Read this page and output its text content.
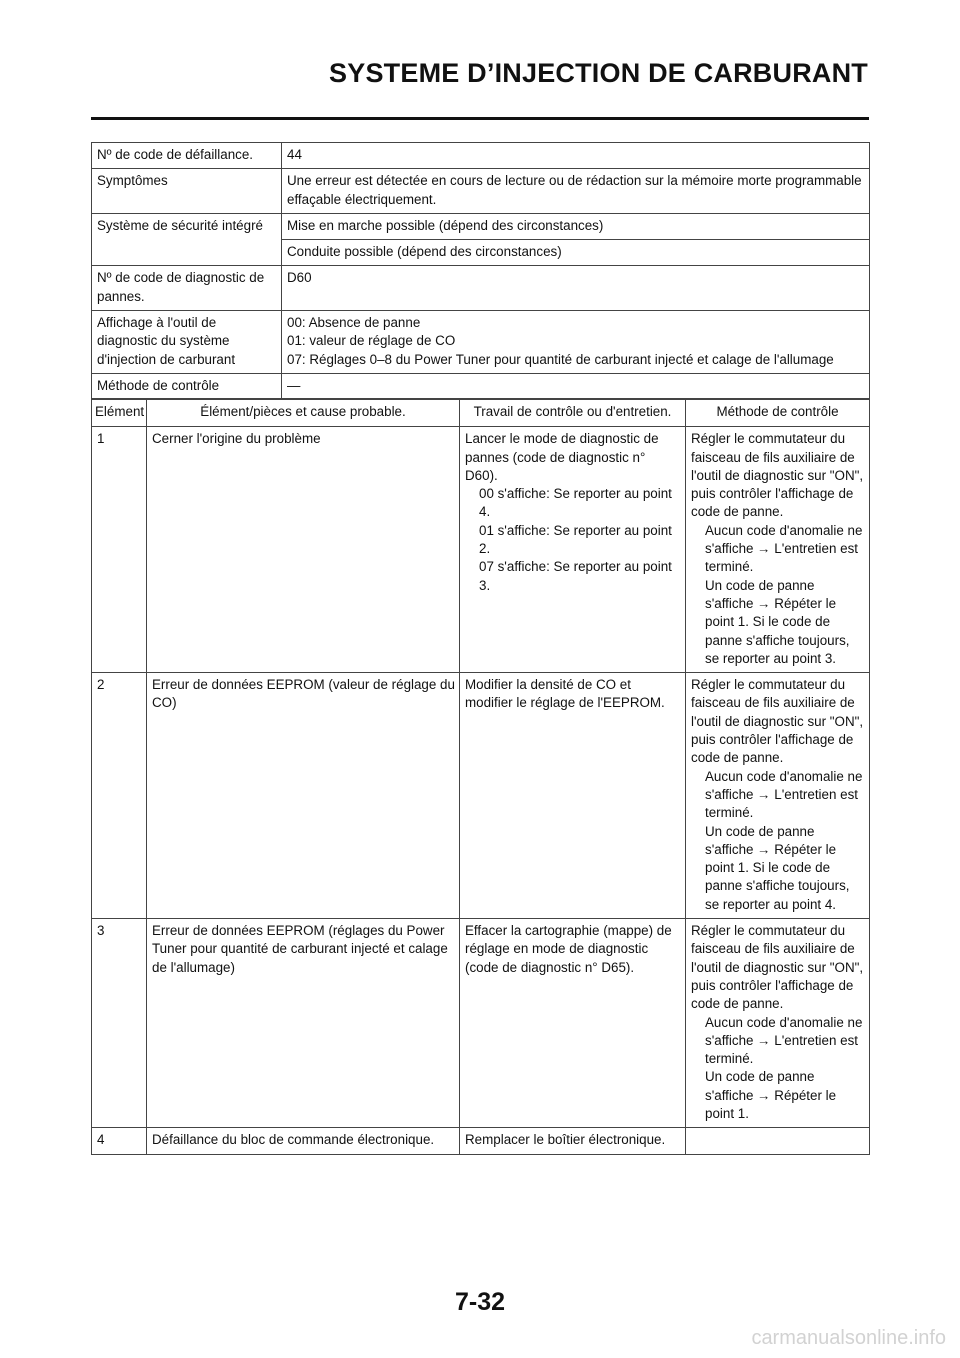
SYSTEME D’INJECTION DE CARBURANT
Nº de code de défaillance.	44
Symptômes	Une erreur est détectée en cours de lecture ou de rédaction sur la mémoire morte programmable effaçable électriquement.
Système de sécurité intégré	Mise en marche possible (dépend des circonstances)
Conduite possible (dépend des circonstances)
Nº de code de diagnostic de pannes.	D60
Affichage à l'outil de diagnostic du système d'injection de carburant	
00: Absence de panne
01: valeur de réglage de CO
07: Réglages 0–8 du Power Tuner pour quantité de carburant injecté et calage de l'allumage

Méthode de contrôle	—
Elément	Élément/pièces et cause probable.	Travail de contrôle ou d'entretien.	Méthode de contrôle
1	Cerner l'origine du problème	Lancer le mode de diagnostic de pannes (code de diagnostic n° D60).
00 s'affiche: Se reporter au point 4.
01 s'affiche: Se reporter au point 2.
07 s'affiche: Se reporter au point 3.

Régler le commutateur du faisceau de fils auxiliaire de l'outil de diagnostic sur "ON", puis contrôler l'affichage de code de panne.
Aucun code d'anomalie ne s'affiche → L'entretien est terminé.
Un code de panne s'affiche → Répéter le point 1. Si le code de panne s'affiche toujours, se reporter au point 3.

2	Erreur de données EEPROM (valeur de réglage du CO)	
Modifier la densité de CO et modifier le réglage de l'EEPROM.

Régler le commutateur du faisceau de fils auxiliaire de l'outil de diagnostic sur "ON", puis contrôler l'affichage de code de panne.
Aucun code d'anomalie ne s'affiche → L'entretien est terminé.
Un code de panne s'affiche → Répéter le point 1. Si le code de panne s'affiche toujours, se reporter au point 4.

3	Erreur de données EEPROM (réglages du Power Tuner pour quantité de carburant injecté et calage de l'allumage)	
Effacer la cartographie (mappe) de réglage en mode de diagnostic (code de diagnostic n° D65).

Régler le commutateur du faisceau de fils auxiliaire de l'outil de diagnostic sur "ON", puis contrôler l'affichage de code de panne.
Aucun code d'anomalie ne s'affiche → L'entretien est terminé.
Un code de panne s'affiche → Répéter le point 1.

4	Défaillance du bloc de commande électronique.	Remplacer le boîtier électronique.

7-32

carmanualsonline.info
